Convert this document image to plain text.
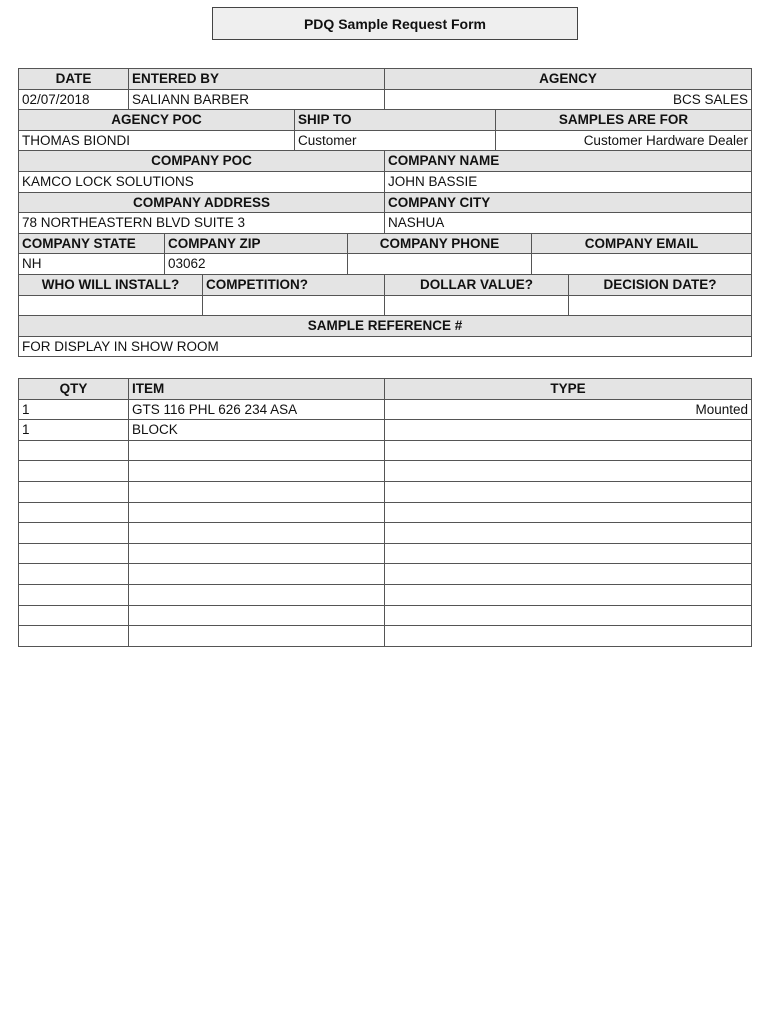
PDQ Sample Request Form
DATE	ENTERED BY	AGENCY
02/07/2018	SALIANN BARBER	BCS SALES
AGENCY POC	SHIP TO	SAMPLES ARE FOR
THOMAS BIONDI	Customer	Customer Hardware Dealer
COMPANY POC	COMPANY NAME
KAMCO LOCK SOLUTIONS	JOHN BASSIE
COMPANY ADDRESS	COMPANY CITY
78 NORTHEASTERN BLVD SUITE 3	NASHUA
COMPANY STATE	COMPANY ZIP	COMPANY PHONE	COMPANY EMAIL
NH	03062
WHO WILL INSTALL?	COMPETITION?	DOLLAR VALUE?	DECISION DATE?
SAMPLE REFERENCE #
FOR DISPLAY IN SHOW ROOM
QTY	ITEM	TYPE
1	GTS 116 PHL 626 234 ASA	Mounted
1	BLOCK
